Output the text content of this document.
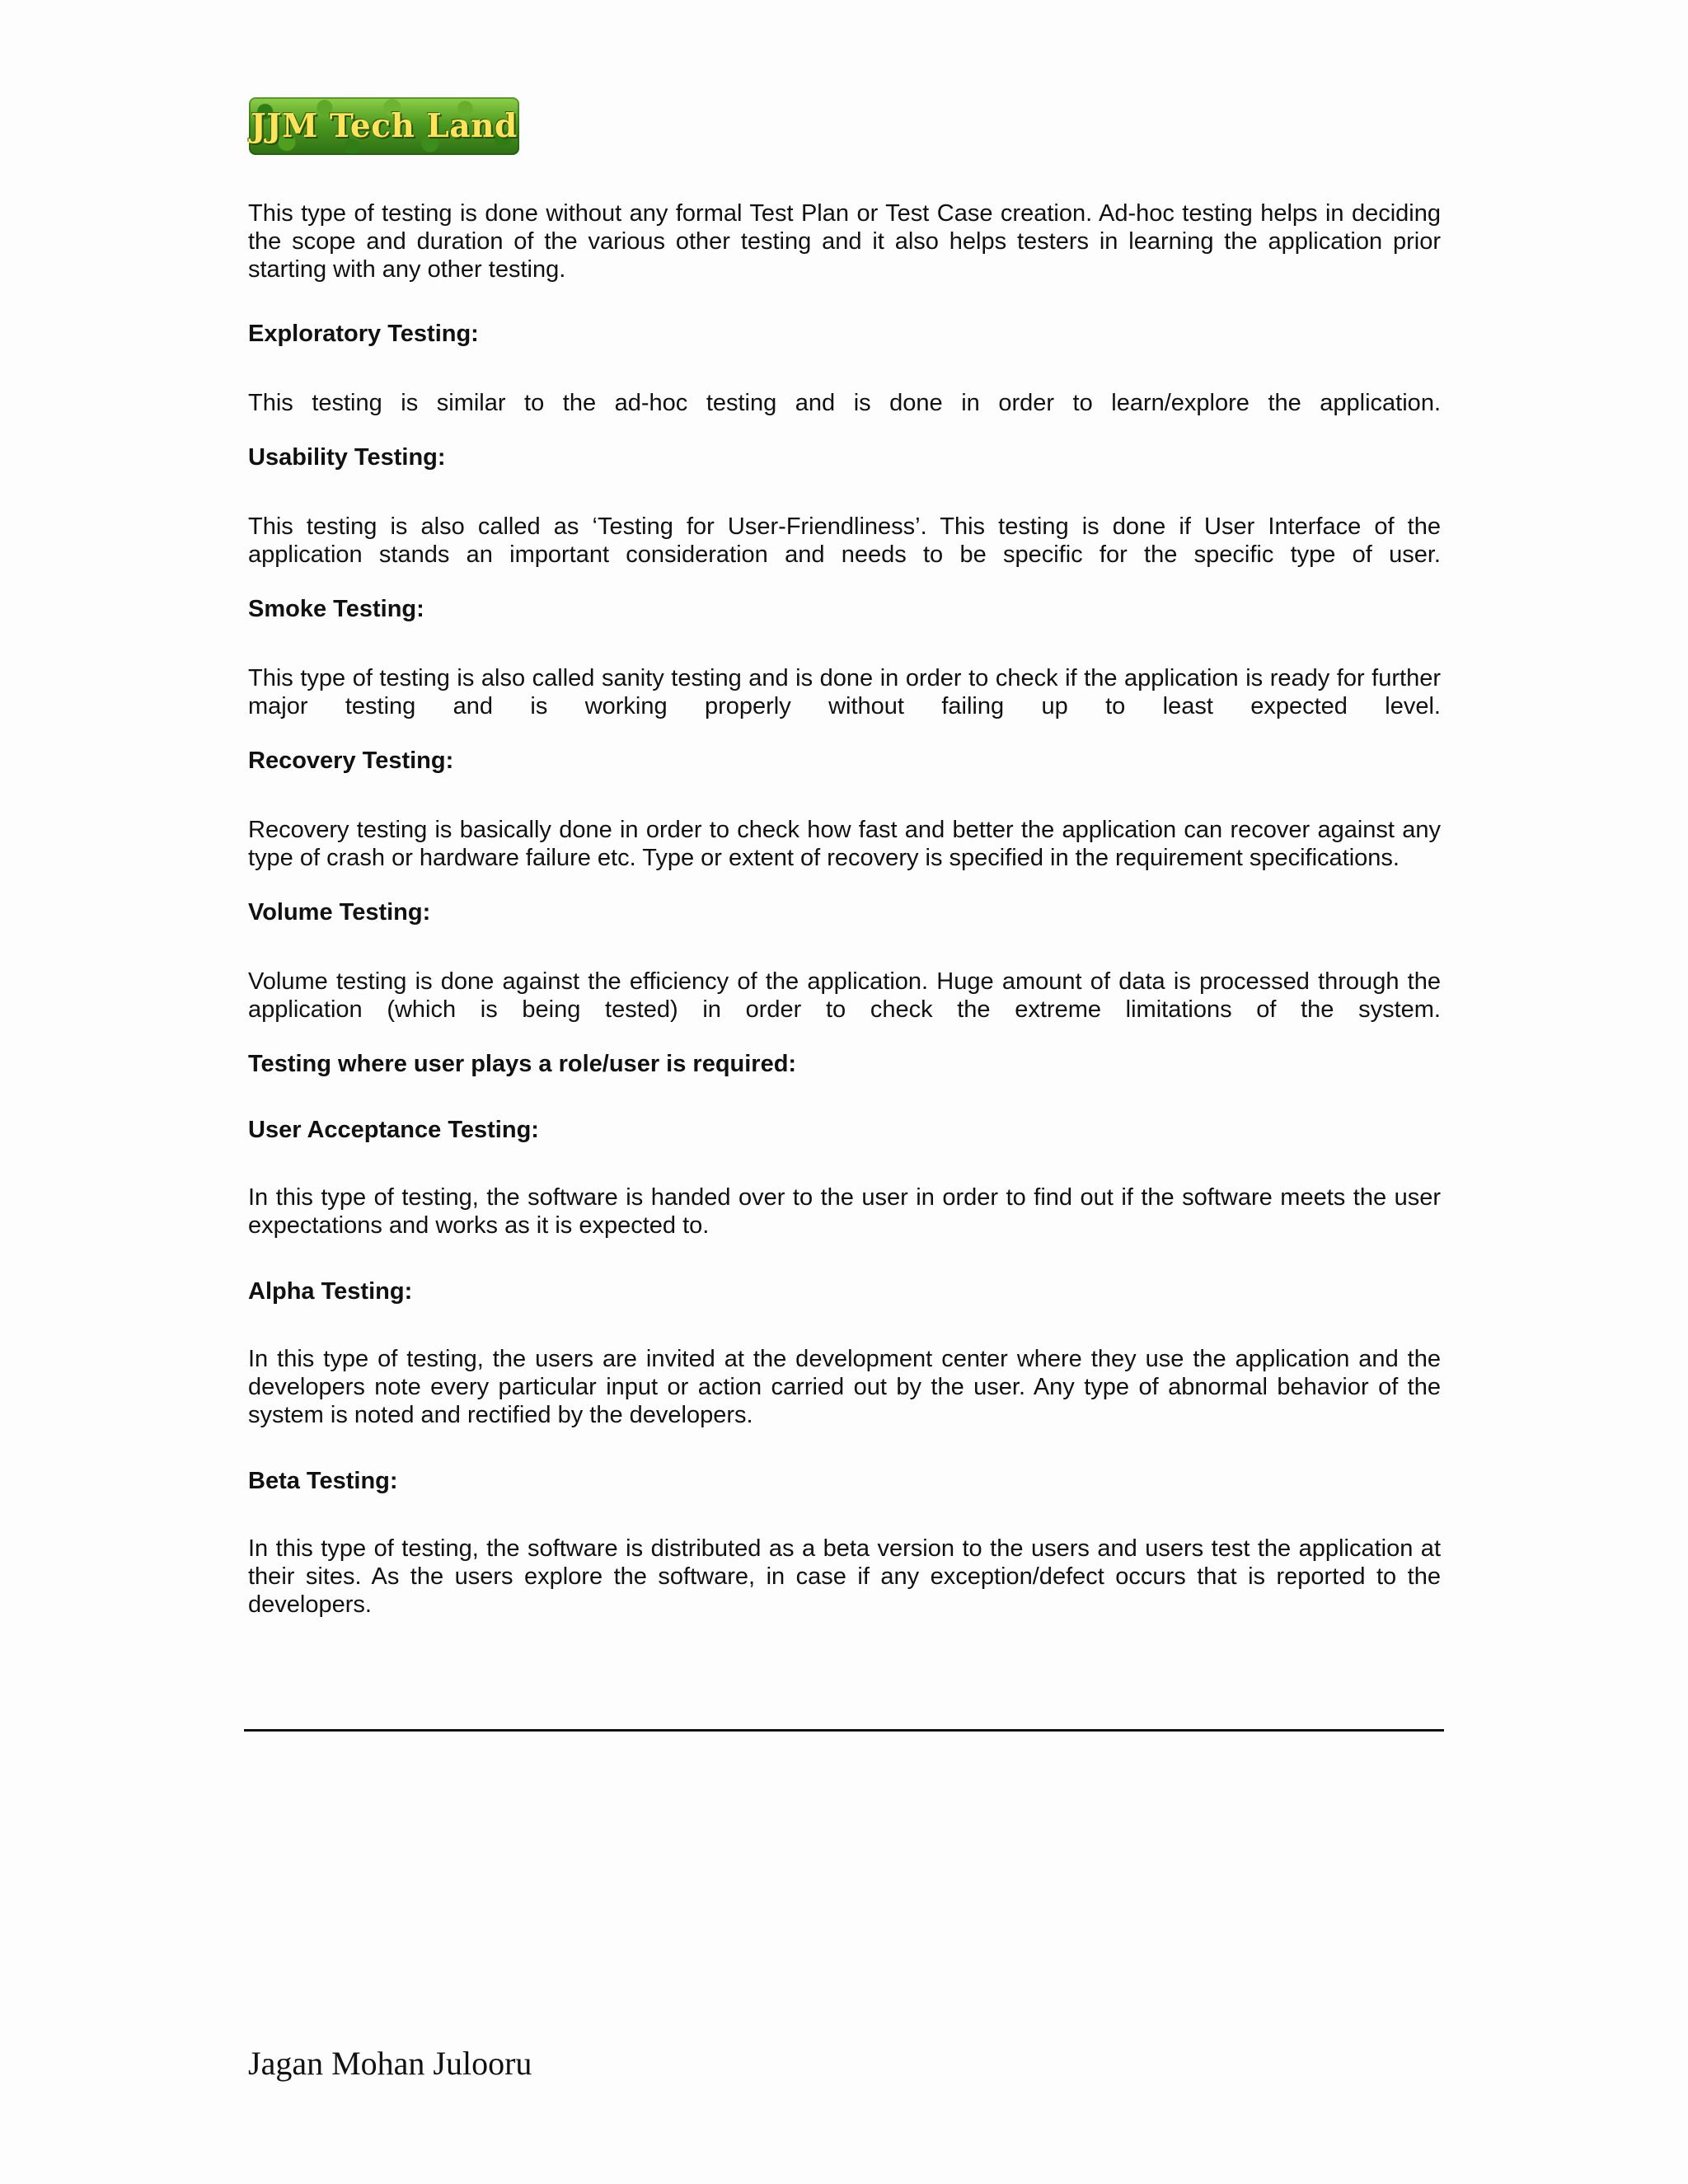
JJM Tech Land

This type of testing is done without any formal Test Plan or Test Case creation. Ad-hoc testing helps in deciding the scope and duration of the various other testing and it also helps testers in learning the application prior starting with any other testing.

Exploratory Testing:

This testing is similar to the ad-hoc testing and is done in order to learn/explore the application.

Usability Testing:

This testing is also called as ‘Testing for User-Friendliness’. This testing is done if User Interface of the application stands an important consideration and needs to be specific for the specific type of user.

Smoke Testing:

This type of testing is also called sanity testing and is done in order to check if the application is ready for further major testing and is working properly without failing up to least expected level.

Recovery Testing:

Recovery testing is basically done in order to check how fast and better the application can recover against any type of crash or hardware failure etc. Type or extent of recovery is specified in the requirement specifications.

Volume Testing:

Volume testing is done against the efficiency of the application. Huge amount of data is processed through the application (which is being tested) in order to check the extreme limitations of the system.

Testing where user plays a role/user is required:

User Acceptance Testing:

In this type of testing, the software is handed over to the user in order to find out if the software meets the user expectations and works as it is expected to.

Alpha Testing:

In this type of testing, the users are invited at the development center where they use the application and the developers note every particular input or action carried out by the user. Any type of abnormal behavior of the system is noted and rectified by the developers.

Beta Testing:

In this type of testing, the software is distributed as a beta version to the users and users test the application at their sites. As the users explore the software, in case if any exception/defect occurs that is reported to the developers.

Jagan Mohan Julooru
